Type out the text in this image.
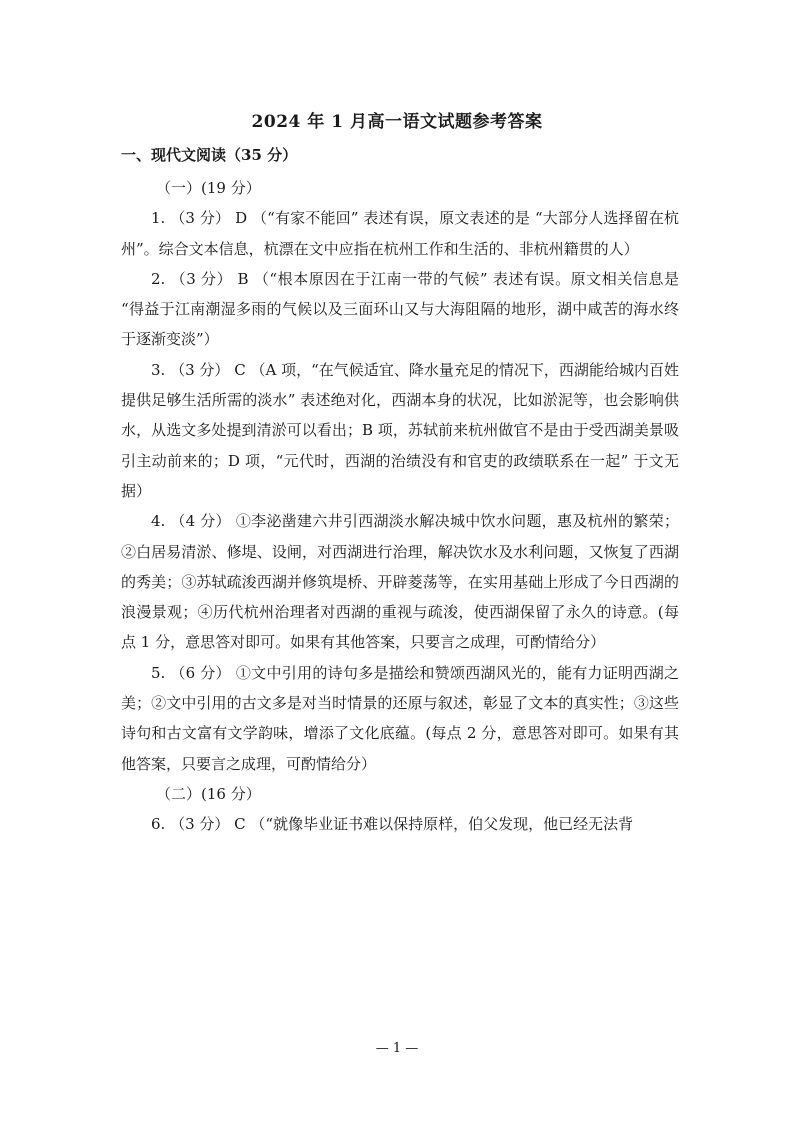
2024 年 1 月高一语文试题参考答案
一、现代文阅读（35 分）

（一）(19 分）

1. （3 分） D （“有家不能回” 表述有误，原文表述的是 “大部分人选择留在杭州”。综合文本信息，杭漂在文中应指在杭州工作和生活的、非杭州籍贯的人）

2. （3 分） B （“根本原因在于江南一带的气候” 表述有误。原文相关信息是 “得益于江南潮湿多雨的气候以及三面环山又与大海阻隔的地形，湖中咸苦的海水终于逐渐变淡”）

3. （3 分） C （A 项，“在气候适宜、降水量充足的情况下，西湖能给城内百姓提供足够生活所需的淡水” 表述绝对化，西湖本身的状况，比如淤泥等，也会影响供水，从选文多处提到清淤可以看出；B 项，苏轼前来杭州做官不是由于受西湖美景吸引主动前来的；D 项，“元代时，西湖的治绩没有和官吏的政绩联系在一起” 于文无据）

4. （4 分） ①李泌凿建六井引西湖淡水解决城中饮水问题，惠及杭州的繁荣；②白居易清淤、修堤、设闸，对西湖进行治理，解决饮水及水利问题，又恢复了西湖的秀美；③苏轼疏浚西湖并修筑堤桥、开辟菱荡等，在实用基础上形成了今日西湖的浪漫景观；④历代杭州治理者对西湖的重视与疏浚，使西湖保留了永久的诗意。(每点 1 分，意思答对即可。如果有其他答案，只要言之成理，可酌情给分）

5. （6 分） ①文中引用的诗句多是描绘和赞颂西湖风光的，能有力证明西湖之美；②文中引用的古文多是对当时情景的还原与叙述，彰显了文本的真实性；③这些诗句和古文富有文学韵味，增添了文化底蕴。(每点 2 分，意思答对即可。如果有其他答案，只要言之成理，可酌情给分）

（二）(16 分）

6. （3 分） C （“就像毕业证书难以保持原样，伯父发现，他已经无法背

— 1 —
